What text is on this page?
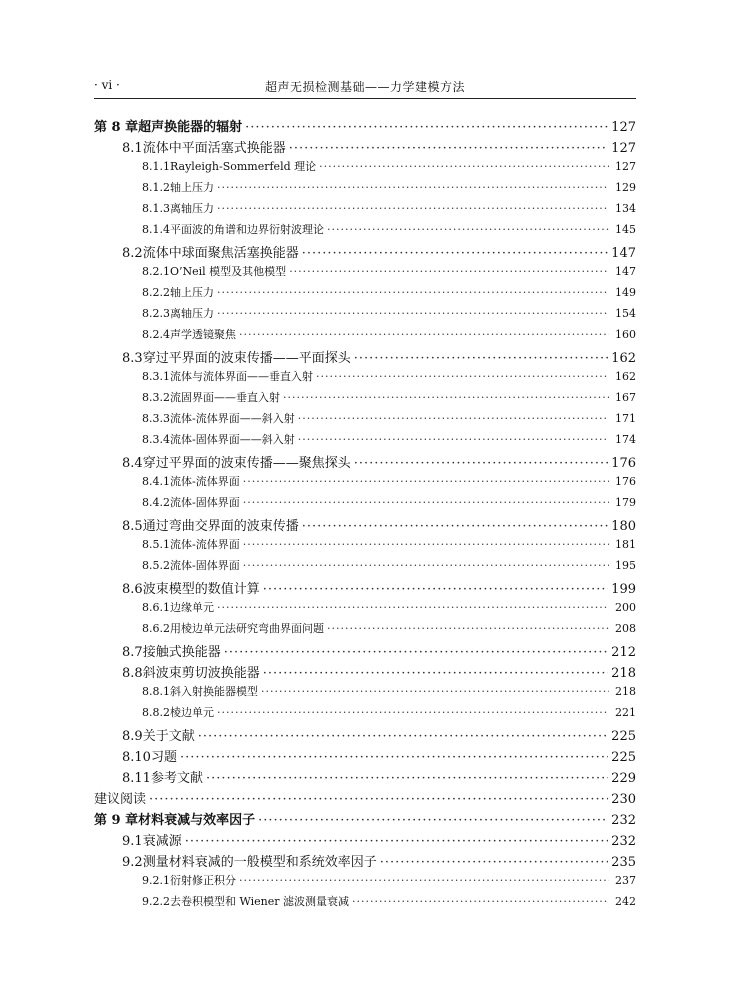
· vi ·	超声无损检测基础——力学建模方法
第 8 章 超声换能器的辐射 ·····	127
8.1 流体中平面活塞式换能器 ·····	127
8.1.1 Rayleigh-Sommerfeld 理论 ·····	127
8.1.2 轴上压力 ·····	129
8.1.3 离轴压力 ·····	134
8.1.4 平面波的角谱和边界衍射波理论 ·····	145
8.2 流体中球面聚焦活塞换能器 ·····	147
8.2.1 O’Neil 模型及其他模型 ·····	147
8.2.2 轴上压力 ·····	149
8.2.3 离轴压力 ·····	154
8.2.4 声学透镜聚焦 ·····	160
8.3 穿过平界面的波束传播——平面探头 ·····	162
8.3.1 流体与流体界面——垂直入射 ·····	162
8.3.2 流固界面——垂直入射 ·····	167
8.3.3 流体-流体界面——斜入射 ·····	171
8.3.4 流体-固体界面——斜入射 ·····	174
8.4 穿过平界面的波束传播——聚焦探头 ·····	176
8.4.1 流体-流体界面 ·····	176
8.4.2 流体-固体界面 ·····	179
8.5 通过弯曲交界面的波束传播 ·····	180
8.5.1 流体-流体界面 ·····	181
8.5.2 流体-固体界面 ·····	195
8.6 波束模型的数值计算 ·····	199
8.6.1 边缘单元 ·····	200
8.6.2 用棱边单元法研究弯曲界面问题 ·····	208
8.7 接触式换能器 ·····	212
8.8 斜波束剪切波换能器 ·····	218
8.8.1 斜入射换能器模型 ·····	218
8.8.2 棱边单元 ·····	221
8.9 关于文献 ·····	225
8.10 习题 ·····	225
8.11 参考文献 ·····	229
建议阅读 ·····	230
第 9 章 材料衰减与效率因子 ·····	232
9.1 衰减源 ·····	232
9.2 测量材料衰减的一般模型和系统效率因子 ·····	235
9.2.1 衍射修正积分 ·····	237
9.2.2 去卷积模型和 Wiener 滤波测量衰减 ·····	242
